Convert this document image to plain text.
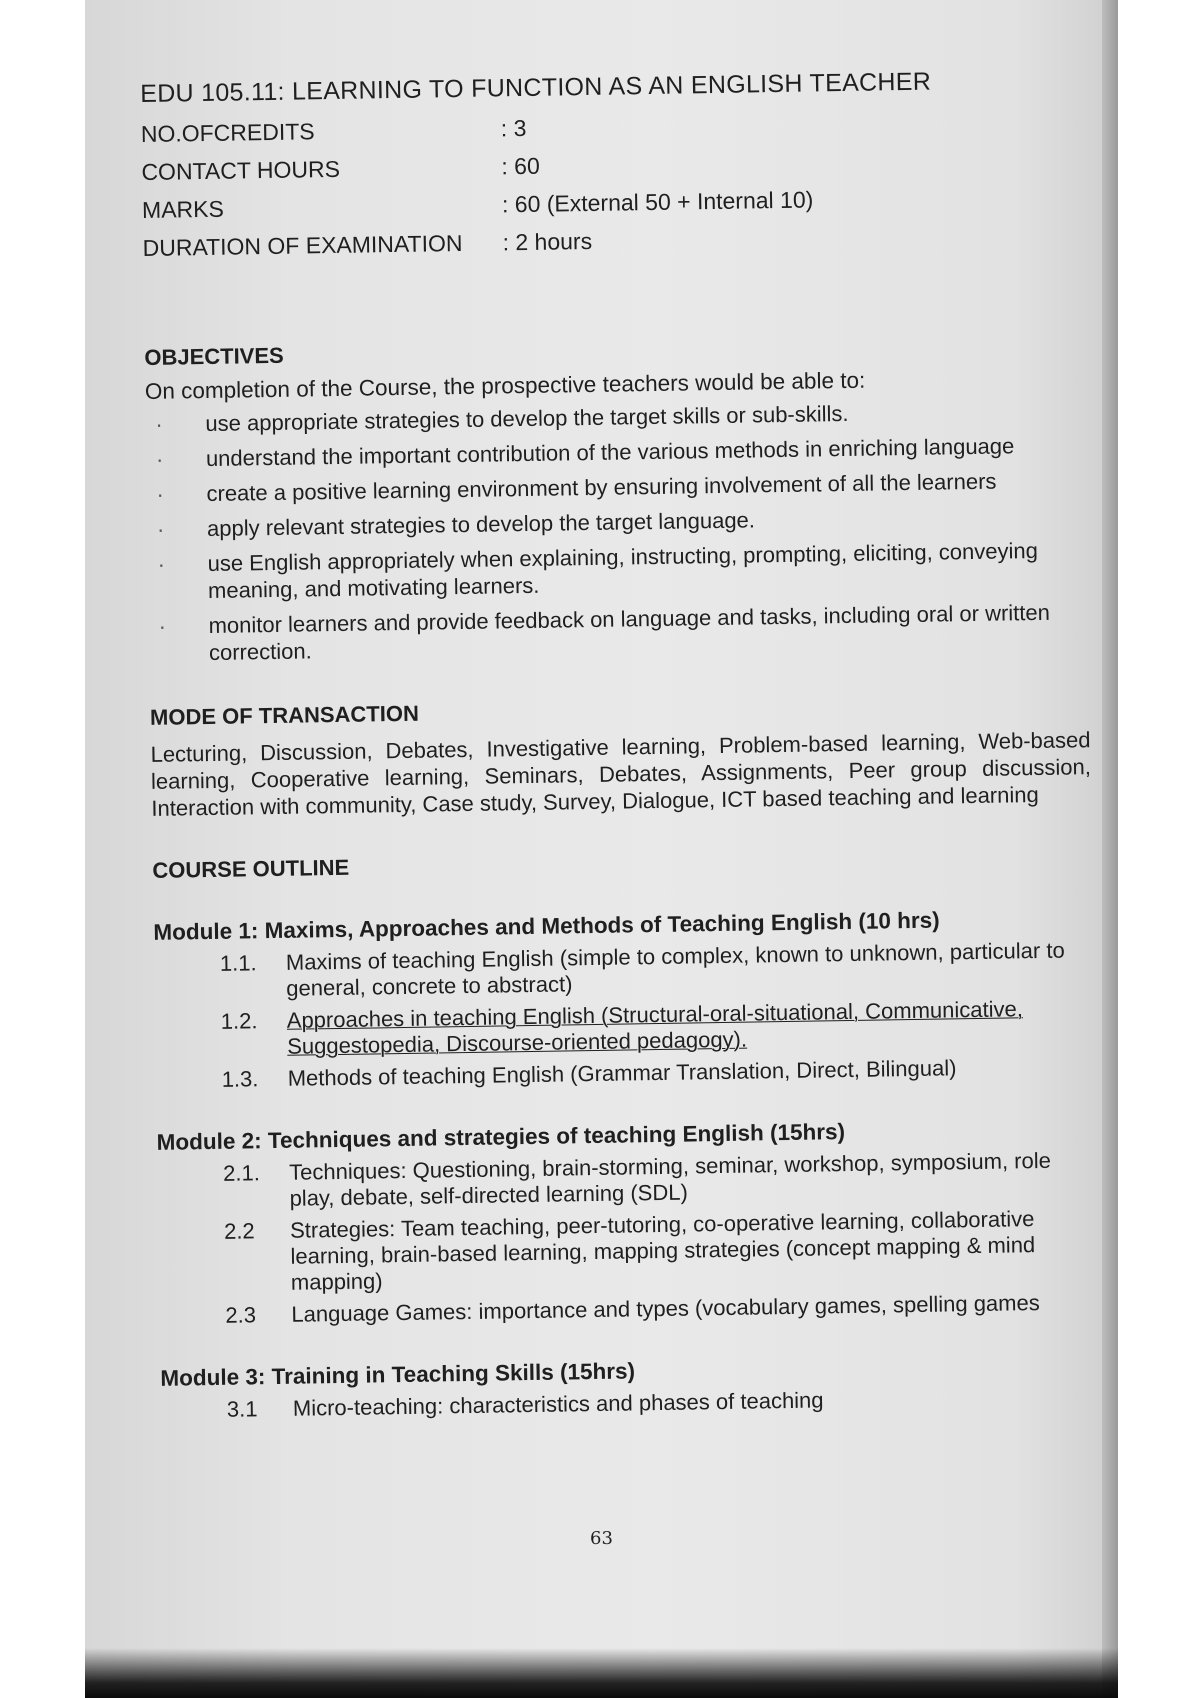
EDU 105.11: LEARNING TO FUNCTION AS AN ENGLISH TEACHER
NO.OFCREDITS	: 3
CONTACT HOURS	: 60
MARKS	: 60 (External 50 + Internal 10)
DURATION OF EXAMINATION	: 2 hours
OBJECTIVES
On completion of the Course, the prospective teachers would be able to:
· use appropriate strategies to develop the target skills or sub-skills.
· understand the important contribution of the various methods in enriching language
· create a positive learning environment by ensuring involvement of all the learners
· apply relevant strategies to develop the target language.
· use English appropriately when explaining, instructing, prompting, eliciting, conveying meaning, and motivating learners.
· monitor learners and provide feedback on language and tasks, including oral or written correction.
MODE OF TRANSACTION
Lecturing, Discussion, Debates, Investigative learning, Problem-based learning, Web-based learning, Cooperative learning, Seminars, Debates, Assignments, Peer group discussion, Interaction with community, Case study, Survey, Dialogue, ICT based teaching and learning
COURSE OUTLINE
Module 1: Maxims, Approaches and Methods of Teaching English (10 hrs)
1.1.	Maxims of teaching English (simple to complex, known to unknown, particular to general, concrete to abstract)
1.2.	Approaches in teaching English (Structural-oral-situational, Communicative, Suggestopedia, Discourse-oriented pedagogy).
1.3.	Methods of teaching English (Grammar Translation, Direct, Bilingual)
Module 2: Techniques and strategies of teaching English (15hrs)
2.1.	Techniques: Questioning, brain-storming, seminar, workshop, symposium, role play, debate, self-directed learning (SDL)
2.2	Strategies: Team teaching, peer-tutoring, co-operative learning, collaborative learning, brain-based learning, mapping strategies (concept mapping & mind mapping)
2.3	Language Games: importance and types (vocabulary games, spelling games
Module 3: Training in Teaching Skills (15hrs)
3.1	Micro-teaching: characteristics and phases of teaching
63
